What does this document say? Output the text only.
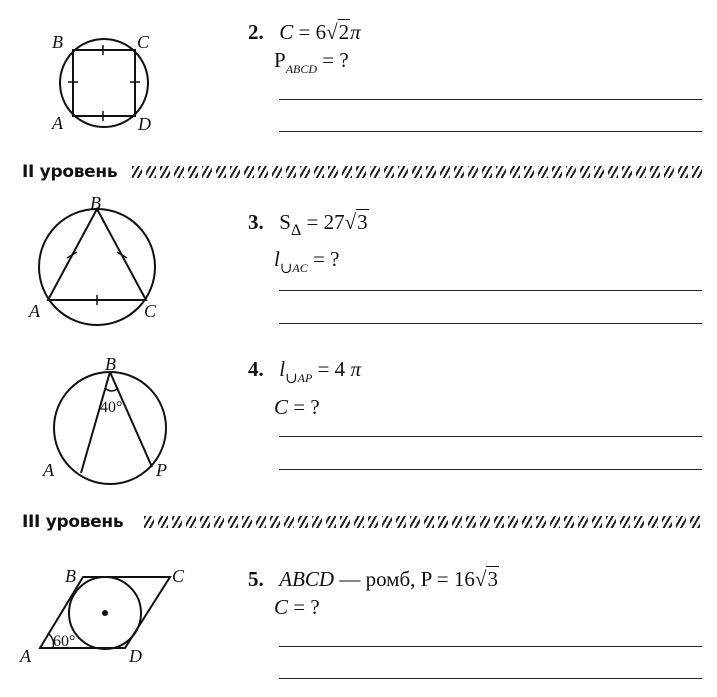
B	C
A	D
2. C = 6√2π
$P_{ABCD}$ = ?
II уровень
B
A	C
3. $S_\Delta = 27√3$
$l_{\cup AC}$ = ?
B
40°
A	P
4. $l_{\cup AP} = 4$ π
C = ?
III уровень
B	C
A	D
60°
5. ABCD — ромб, P = 16√3
C = ?
